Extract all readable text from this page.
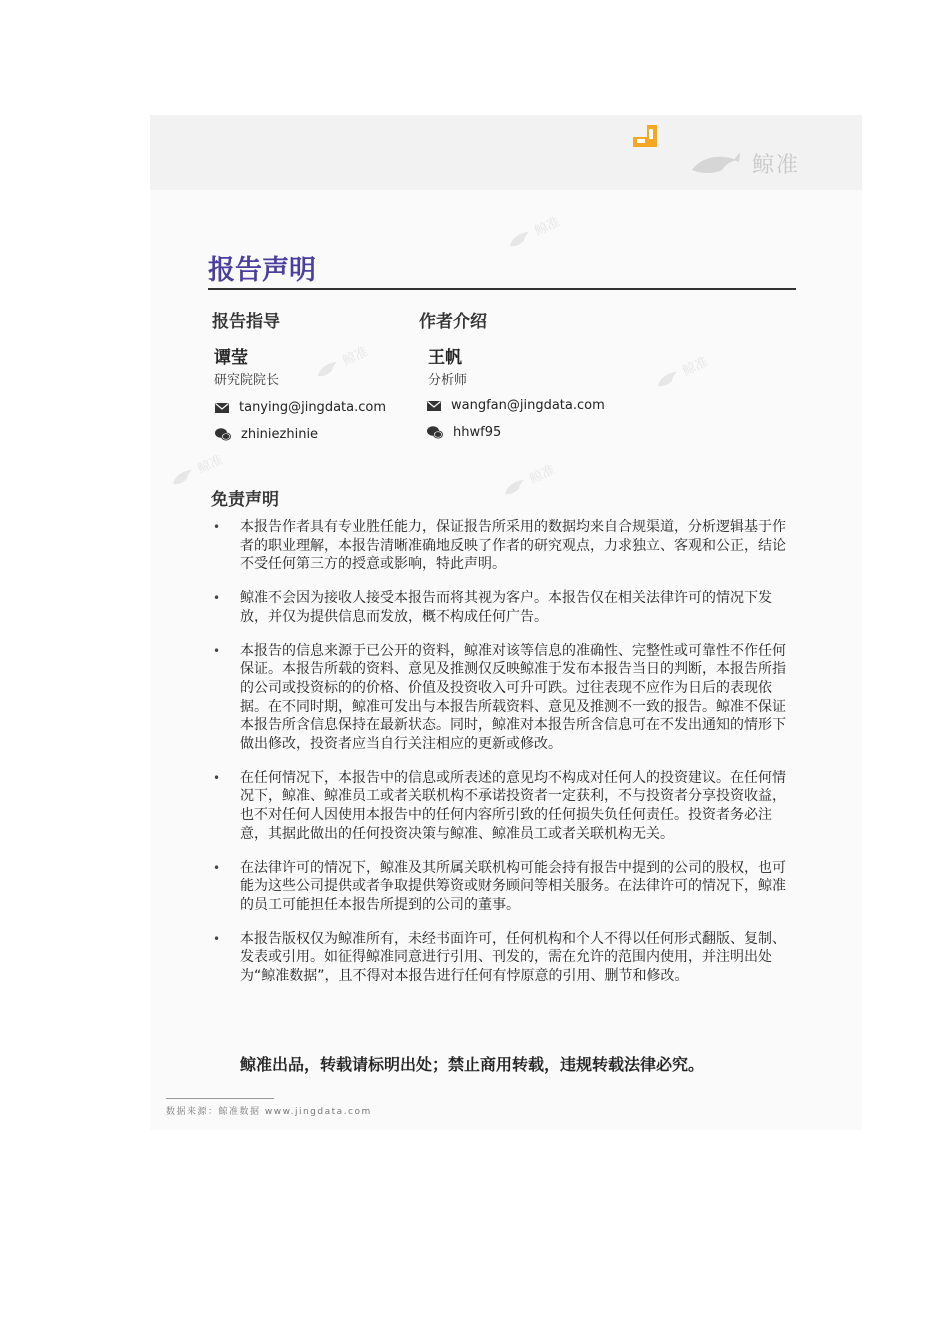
鲸准
鲸准
鲸准	鲸准
鲸准	鲸准
报告声明
报告指导
谭莹
研究院院长
tanying@jingdata.com
zhiniezhinie
作者介绍
王帆
分析师
wangfan@jingdata.com
hhwf95
免责声明
• 本报告作者具有专业胜任能力，保证报告所采用的数据均来自合规渠道，分析逻辑基于作者的职业理解，本报告清晰准确地反映了作者的研究观点，力求独立、客观和公正，结论不受任何第三方的授意或影响，特此声明。
• 鲸准不会因为接收人接受本报告而将其视为客户。本报告仅在相关法律许可的情况下发放，并仅为提供信息而发放，概不构成任何广告。
• 本报告的信息来源于已公开的资料，鲸准对该等信息的准确性、完整性或可靠性不作任何保证。本报告所载的资料、意见及推测仅反映鲸准于发布本报告当日的判断，本报告所指的公司或投资标的的价格、价值及投资收入可升可跌。过往表现不应作为日后的表现依据。在不同时期，鲸准可发出与本报告所载资料、意见及推测不一致的报告。鲸准不保证本报告所含信息保持在最新状态。同时，鲸准对本报告所含信息可在不发出通知的情形下做出修改，投资者应当自行关注相应的更新或修改。
• 在任何情况下，本报告中的信息或所表述的意见均不构成对任何人的投资建议。在任何情况下，鲸准、鲸准员工或者关联机构不承诺投资者一定获利，不与投资者分享投资收益，也不对任何人因使用本报告中的任何内容所引致的任何损失负任何责任。投资者务必注意，其据此做出的任何投资决策与鲸准、鲸准员工或者关联机构无关。
• 在法律许可的情况下，鲸准及其所属关联机构可能会持有报告中提到的公司的股权，也可能为这些公司提供或者争取提供筹资或财务顾问等相关服务。在法律许可的情况下，鲸准的员工可能担任本报告所提到的公司的董事。
• 本报告版权仅为鲸准所有，未经书面许可，任何机构和个人不得以任何形式翻版、复制、发表或引用。如征得鲸准同意进行引用、刊发的，需在允许的范围内使用，并注明出处为“鲸准数据”，且不得对本报告进行任何有悖原意的引用、删节和修改。

鲸准出品，转载请标明出处；禁止商用转载，违规转载法律必究。

数据来源：鲸准数据 www.jingdata.com
